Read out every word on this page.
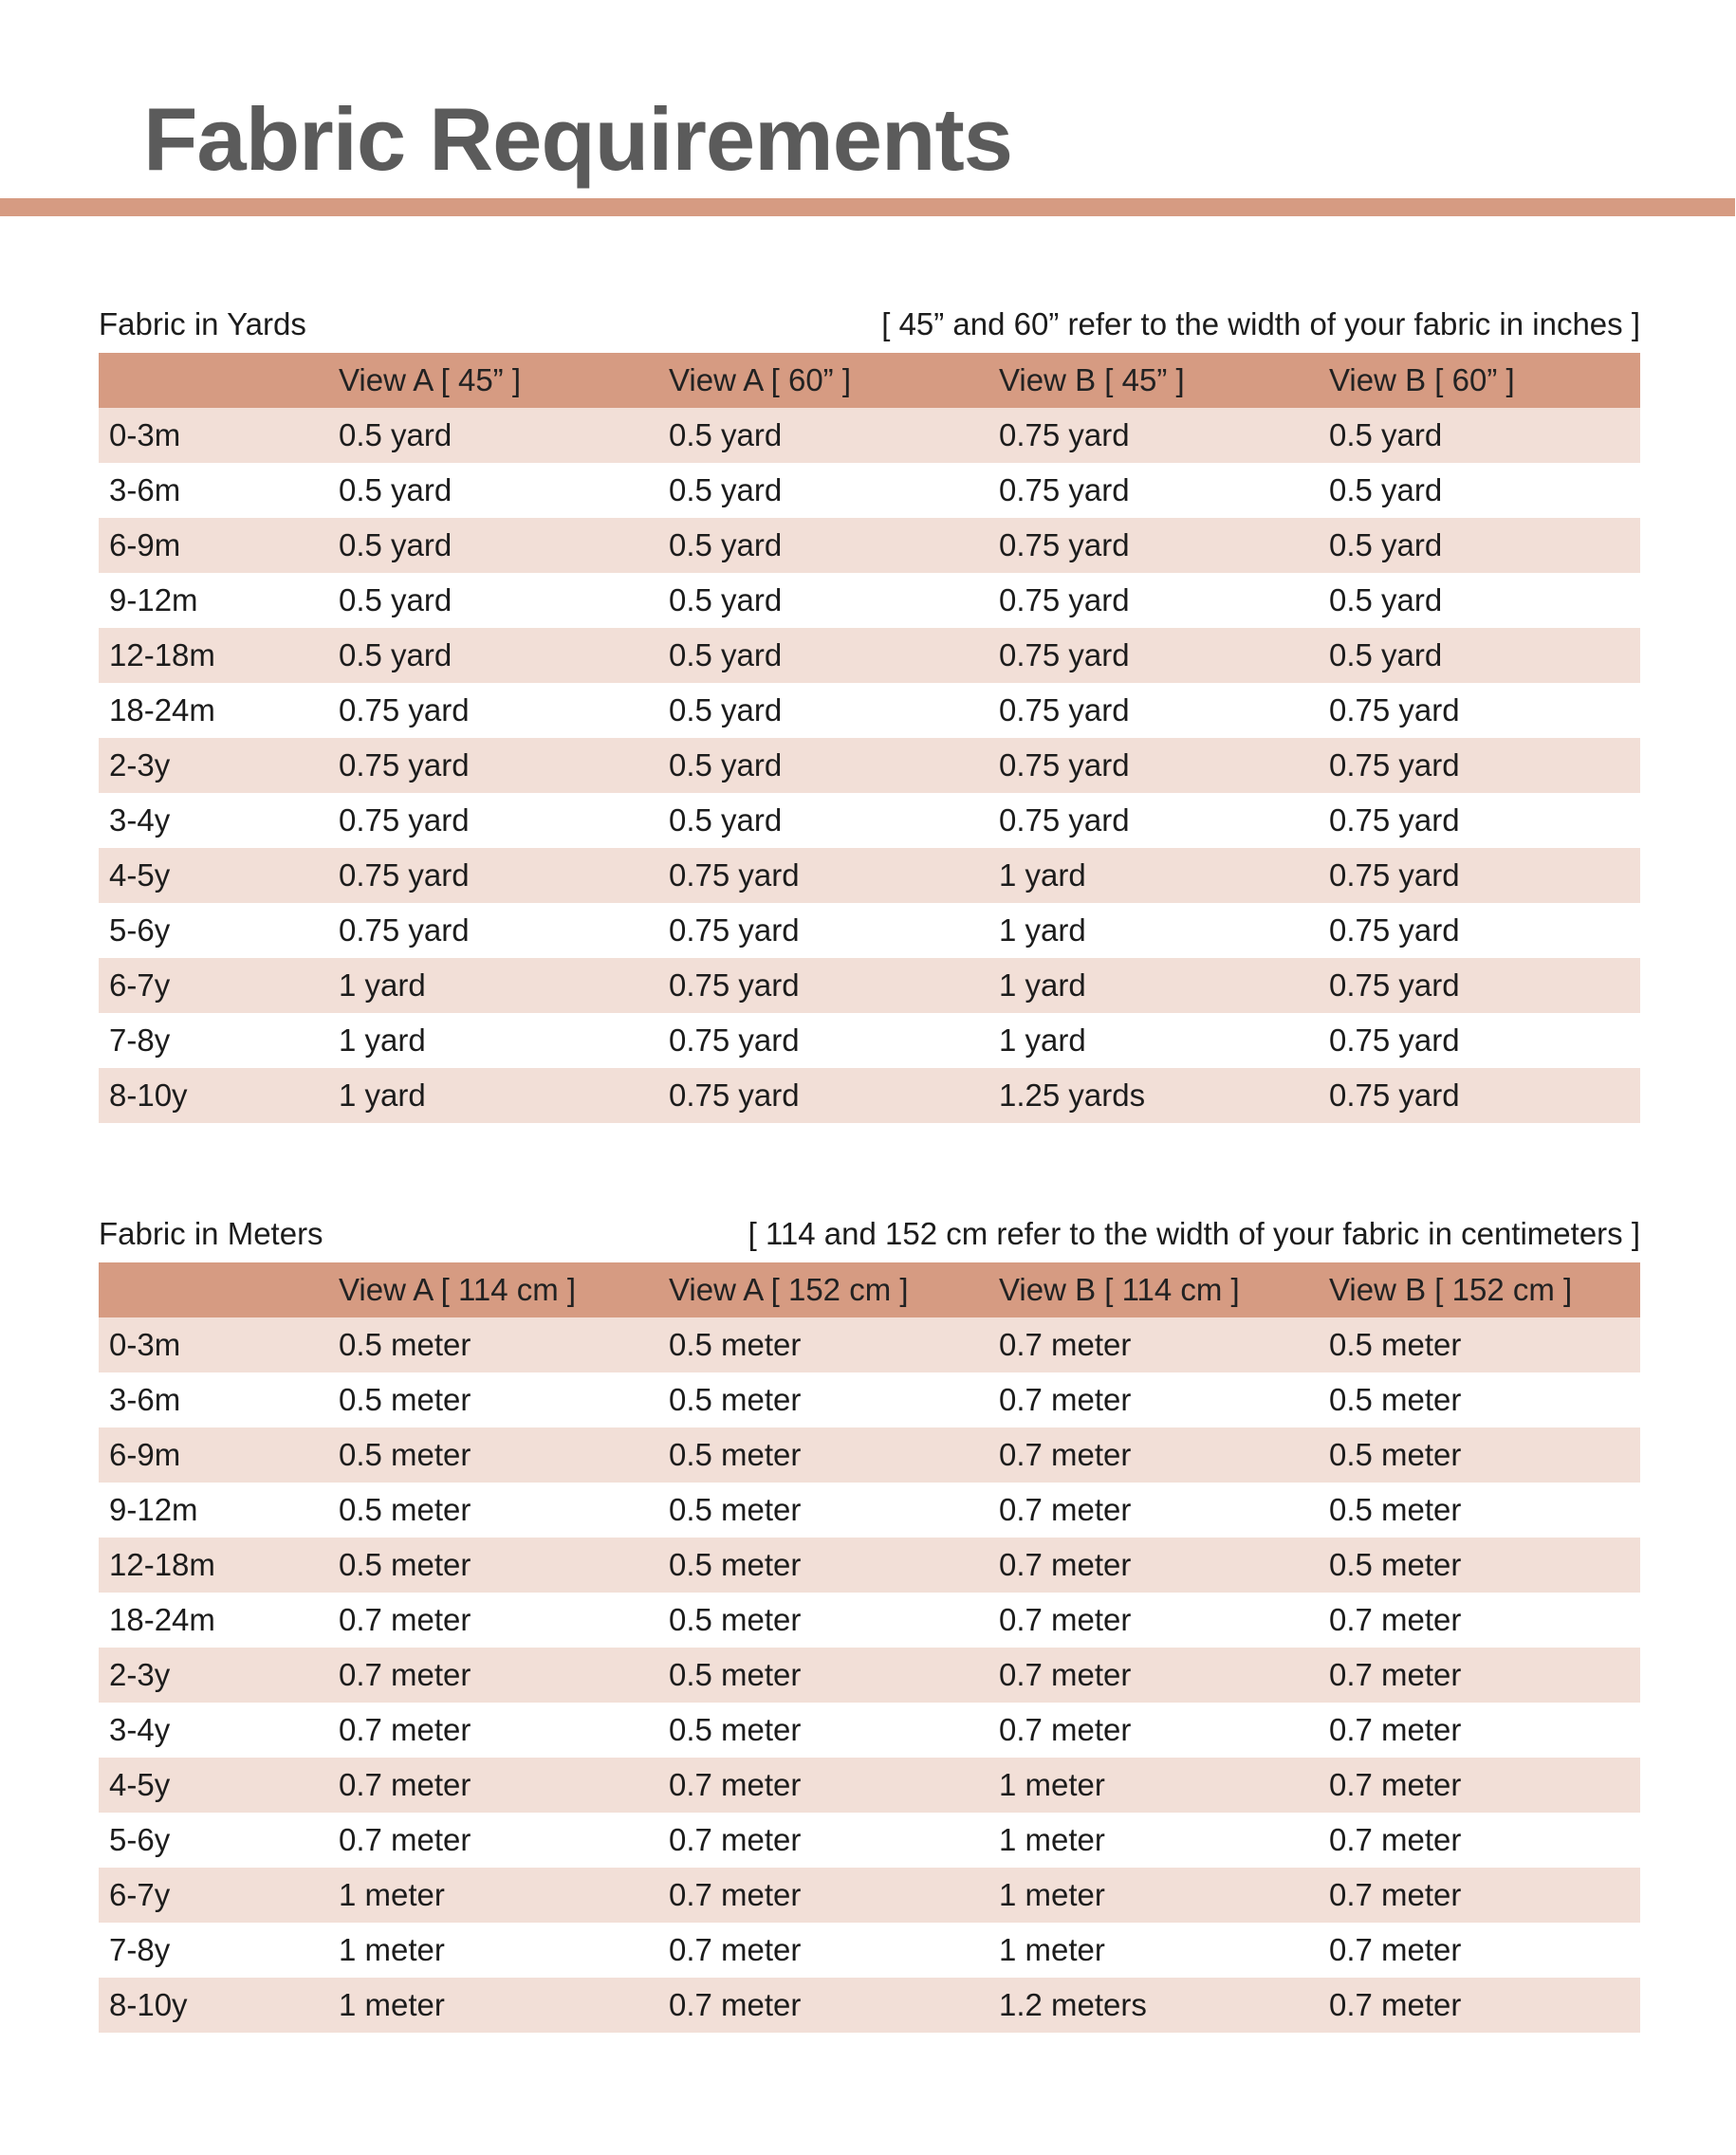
Fabric Requirements
Fabric in Yards	[ 45” and 60” refer to the width of your fabric in inches ]
	View A [ 45” ]	View A [ 60” ]	View B [ 45” ]	View B [ 60” ]
0-3m	0.5 yard	0.5 yard	0.75 yard	0.5 yard
3-6m	0.5 yard	0.5 yard	0.75 yard	0.5 yard
6-9m	0.5 yard	0.5 yard	0.75 yard	0.5 yard
9-12m	0.5 yard	0.5 yard	0.75 yard	0.5 yard
12-18m	0.5 yard	0.5 yard	0.75 yard	0.5 yard
18-24m	0.75 yard	0.5 yard	0.75 yard	0.75 yard
2-3y	0.75 yard	0.5 yard	0.75 yard	0.75 yard
3-4y	0.75 yard	0.5 yard	0.75 yard	0.75 yard
4-5y	0.75 yard	0.75 yard	1 yard	0.75 yard
5-6y	0.75 yard	0.75 yard	1 yard	0.75 yard
6-7y	1 yard	0.75 yard	1 yard	0.75 yard
7-8y	1 yard	0.75 yard	1 yard	0.75 yard
8-10y	1 yard	0.75 yard	1.25 yards	0.75 yard
Fabric in Meters	[ 114 and 152 cm refer to the width of your fabric in centimeters ]
	View A [ 114 cm ]	View A [ 152 cm ]	View B [ 114 cm ]	View B [ 152 cm ]
0-3m	0.5 meter	0.5 meter	0.7 meter	0.5 meter
3-6m	0.5 meter	0.5 meter	0.7 meter	0.5 meter
6-9m	0.5 meter	0.5 meter	0.7 meter	0.5 meter
9-12m	0.5 meter	0.5 meter	0.7 meter	0.5 meter
12-18m	0.5 meter	0.5 meter	0.7 meter	0.5 meter
18-24m	0.7 meter	0.5 meter	0.7 meter	0.7 meter
2-3y	0.7 meter	0.5 meter	0.7 meter	0.7 meter
3-4y	0.7 meter	0.5 meter	0.7 meter	0.7 meter
4-5y	0.7 meter	0.7 meter	1 meter	0.7 meter
5-6y	0.7 meter	0.7 meter	1 meter	0.7 meter
6-7y	1 meter	0.7 meter	1 meter	0.7 meter
7-8y	1 meter	0.7 meter	1 meter	0.7 meter
8-10y	1 meter	0.7 meter	1.2 meters	0.7 meter
